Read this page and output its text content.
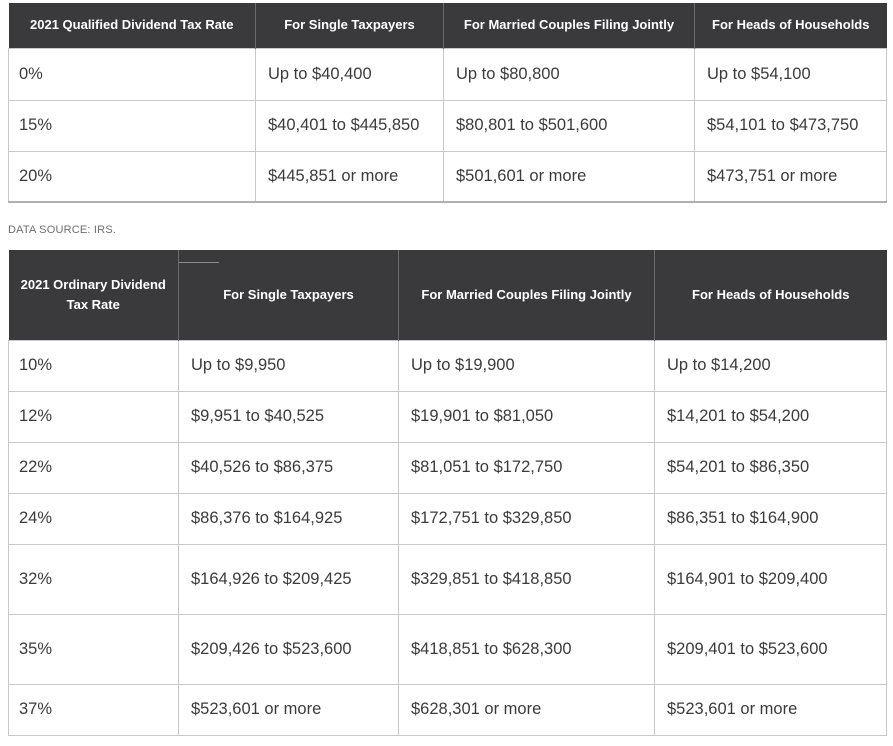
2021 Qualified Dividend Tax Rate	For Single Taxpayers	For Married Couples Filing Jointly	For Heads of Households
0%	Up to $40,400	Up to $80,800	Up to $54,100
15%	$40,401 to $445,850	$80,801 to $501,600	$54,101 to $473,750
20%	$445,851 or more	$501,601 or more	$473,751 or more
DATA SOURCE: IRS.
2021 Ordinary Dividend Tax Rate	For Single Taxpayers	For Married Couples Filing Jointly	For Heads of Households
10%	Up to $9,950	Up to $19,900	Up to $14,200
12%	$9,951 to $40,525	$19,901 to $81,050	$14,201 to $54,200
22%	$40,526 to $86,375	$81,051 to $172,750	$54,201 to $86,350
24%	$86,376 to $164,925	$172,751 to $329,850	$86,351 to $164,900
32%	$164,926 to $209,425	$329,851 to $418,850	$164,901 to $209,400
35%	$209,426 to $523,600	$418,851 to $628,300	$209,401 to $523,600
37%	$523,601 or more	$628,301 or more	$523,601 or more
